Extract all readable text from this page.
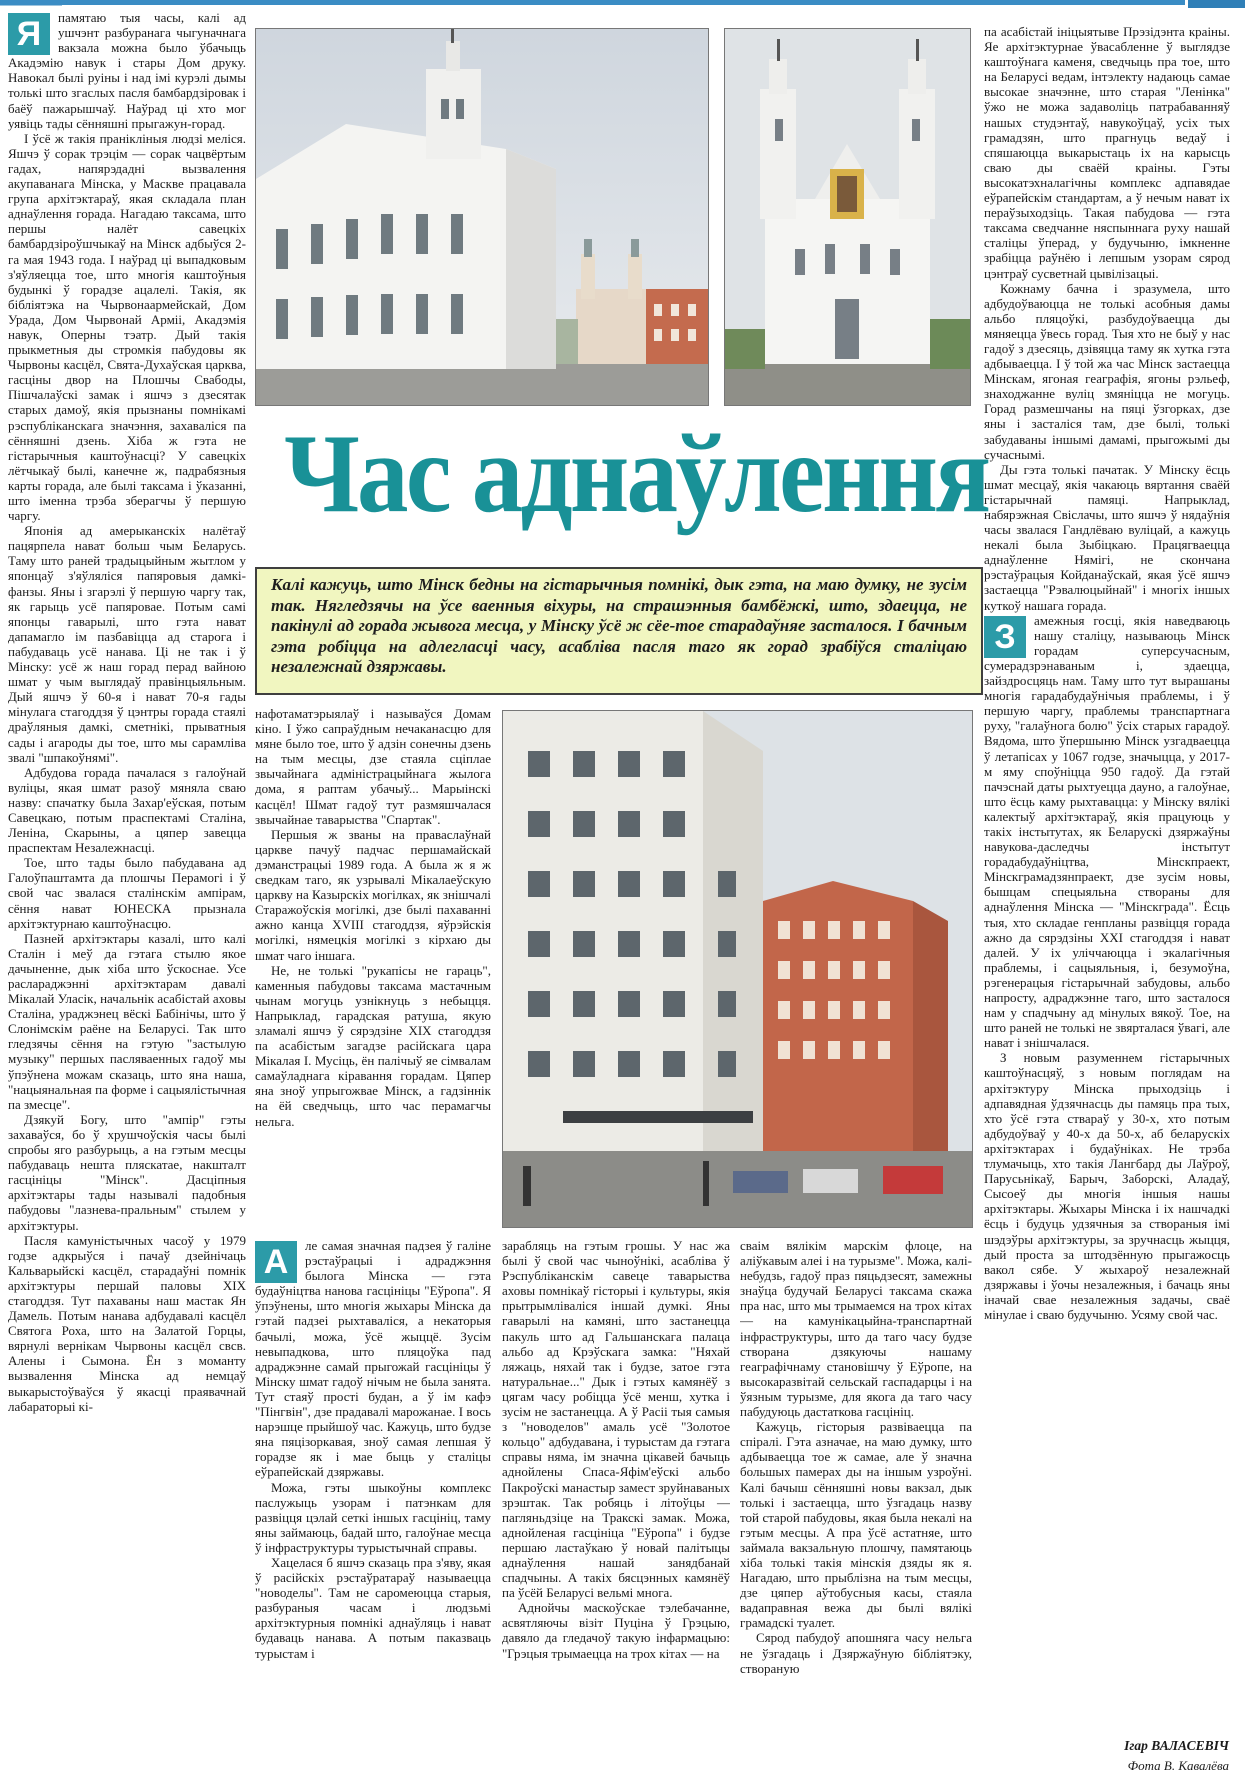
Я	памятаю тыя часы, калі ад ушчэнт разбуранага чыгуначнага вакзала можна было ўбачыць Акадэмію навук і стары Дом друку. Навокал былі руіны і над імі курэлі дымы толькі што згаслых пасля бамбардзіровак і баёў пажарышчаў. Наўрад ці хто мог уявіць тады сённяшні прыгажун-горад.

І ўсё ж такія пранікліныя людзі меліся. Яшчэ ў сорак трэцім — сорак чацвёртым гадах, напярэдадні вызвалення акупаванага Мінска, у Маскве працавала група архітэктараў, якая складала план аднаўлення горада. Нагадаю таксама, што першы налёт савецкіх бамбардзіроўшчыкаў на Мінск адбыўся 2-га мая 1943 года. І наўрад ці выпадковым з'яўляецца тое, што многія каштоўныя будынкі ў горадзе ацалелі. Такія, як бібліятэка на Чырвонаармейскай, Дом Урада, Дом Чырвонай Арміі, Акадэмія навук, Оперны тэатр. Дый такія прыкметныя ды стромкія пабудовы як Чырвоны касцёл, Свята-Духаўская царква, гасціны двор на Плошчы Свабоды, Пішчалаўскі замак і яшчэ з дзесятак старых дамоў, якія прызнаны помнікамі рэспубліканскага значэння, захаваліся па сённяшні дзень. Хіба ж гэта не гістарычныя каштоўнасці? У савецкіх лётчыкаў былі, канечне ж, падрабязныя карты горада, але былі таксама і ўказанні, што іменна трэба зберагчы ў першую чаргу.

Японія ад амерыканскіх налётаў пацярпела нават больш чым Беларусь. Таму што раней традыцыйным жытлом у японцаў з'яўляліся папяровыя дамкі-фанзы. Яны і згарэлі ў першую чаргу так, як гарыць усё папяровае. Потым самі японцы гаварылі, што гэта нават дапамагло ім пазбавіцца ад старога і пабудаваць усё нанава. Ці не так і ў Мінску: усё ж наш горад перад вайною шмат у чым выглядаў правінцыяльным. Дый яшчэ ў 60-я і нават 70-я гады мінулага стагоддзя ў цэнтры горада стаялі драўляныя дамкі, сметнікі, прыватныя сады і агароды ды тое, што мы сарамліва звалі "шпакоўнямі".

Адбудова горада пачалася з галоўнай вуліцы, якая шмат разоў мяняла сваю назву: спачатку была Захар'еўская, потым Савецкаю, потым праспектамі Сталіна, Леніна, Скарыны, а цяпер завецца праспектам Незалежнасці.

Тое, што тады было пабудавана ад Галоўпаштамта да плошчы Перамогі і ў свой час звалася сталінскім ампірам, сёння нават ЮНЕСКА прызнала архітэктурнаю каштоўнасцю.

Пазней архітэктары казалі, што калі Сталін і меў да гэтага стылю якое дачыненне, дык хіба што ўскоснае. Усе раслараджэнні архітэктарам давалі Мікалай Уласік, начальнік асабістай аховы Сталіна, ураджэнец вёскі Бабінічы, што ў Слонімскім раёне на Беларусі. Так што гледзячы сёння на гэтую "застылую музыку" першых пасляваенных гадоў мы ўпэўнена можам сказаць, што яна наша, "нацыянальная па форме і сацыялістычная па змесце".

Дзякуй Богу, што "ампір" гэты захаваўся, бо ў хрушчоўскія часы былі спробы яго разбурыць, а на гэтым месцы пабудаваць нешта пляскатае, накшталт гасцініцы "Мінск". Дасціпныя архітэктары тады называлі падобныя пабудовы "лазнева-пральным" стылем у архітэктуры.

Пасля камуністычных часоў у 1979 годзе адкрыўся і пачаў дзейнічаць Кальварыйскі касцёл, старадаўні помнік архітэктуры першай паловы XIX стагоддзя. Тут пахаваны наш мастак Ян Дамель. Потым нанава адбудавалі касцёл Святога Роха, што на Залатой Горцы, вярнулі вернікам Чырвоны касцёл свсв. Алены і Сымона. Ён з моманту вызвалення Мінска ад немцаў выкарыстоўваўся ў якасці праявачнай лабараторыі кі-

Час аднаўлення
Калі кажуць, што Мінск бедны на гістарычныя помнікі, дык гэта, на маю думку, не зусім так. Нягледзячы на ўсе ваенныя віхуры, на страшэнныя бамбёжкі, што, здаецца, не пакінулі ад горада жывога месца, у Мінску ўсё ж сёе-тое старадаўняе засталося. І бачным гэта робіцца на адлегласці часу, асабліва пасля таго як горад зрабіўся сталіцаю незалежнай дзяржавы.

нафотаматэрыялаў і называўся Домам кіно. І ўжо сапраўдным нечаканасцю для мяне было тое, што ў адзін сонечны дзень на тым месцы, дзе стаяла сціплае звычайнага адміністрацыйнага жылога дома, я раптам убачыў... Марыінскі касцёл! Шмат гадоў тут размяшчалася звычайнае таварыства "Спартак".

Першыя ж званы на праваслаўнай царкве пачуў падчас першамайскай дэманстрацыі 1989 года. А была ж я ж сведкам таго, як узрывалі Мікалаеўскую царкву на Казырскіх могілках, як знішчалі Старажоўскія могілкі, дзе былі пахаванні ажно канца XVIII стагоддзя, яўрэйскія могілкі, нямецкія могілкі з кірхаю ды шмат чаго іншага.

Не, не толькі "рукапісы не гараць", каменныя пабудовы таксама мастачным чынам могуць узнікнуць з небыцця. Напрыклад, гарадская ратуша, якую зламалі яшчэ ў сярэдзіне XIX стагоддзя па асабістым загадзе расійскага цара Мікалая І. Мусіць, ён палічыў яе сімвалам самаўладнага кіравання горадам. Цяпер яна зноў упрыгожвае Мінск, а гадзіннік на ёй сведчыць, што час перамагчы нельга.

А	ле самая значная падзея ў галіне рэстаўрацыі і адраджэння былога Мінска — гэта будаўніцтва нанова гасцініцы "Еўропа". Я ўпэўнены, што многія жыхары Мінска да гэтай падзеі рыхтаваліся, а некаторыя бачылі, можа, ўсё жыццё. Зусім невыпадкова, што пляцоўка пад адраджэнне самай прыгожай гасцініцы ў Мінску шмат гадоў нічым не была занята. Тут стаяў прості будан, а ў ім кафэ "Пінгвін", дзе прадавалі марожанае. І вось нарэшце прыйшоў час. Кажуць, што будзе яна пяцізоркавая, зноў самая лепшая ў горадзе як і мае быць у сталіцы еўрапейскай дзяржавы.

Можа, гэты шыкоўны комплекс паслужыць узорам і патэнкам для развіцця цэлай сеткі іншых гасцініц, таму яны займаюць, бадай што, галоўнае месца ў інфраструктуры турыстычнай справы.

Хацелася б яшчэ сказаць пра з'яву, якая ў расійскіх рэстаўратараў называецца "новоделы". Там не саромеюцца старыя, разбураныя часам і людзьмі архітэктурныя помнікі аднаўляць і нават будаваць нанава. А потым паказваць турыстам і

зарабляць на гэтым грошы. У нас жа былі ў свой час чыноўнікі, асабліва ў Рэспубліканскім савеце таварыства аховы помнікаў гісторыі і культуры, якія прытрымліваліся іншай думкі. Яны гаварылі на камяні, што застанецца пакуль што ад Гальшанскага палаца альбо ад Крэўскага замка: "Няхай ляжаць, няхай так і будзе, затое гэта натуральнае..." Дык і гэтых камянёў з цягам часу робіцца ўсё менш, хутка і зусім не застанецца. А ў Расіі тыя самыя з "новоделов" амаль усё "Золотое кольцо" адбудавана, і турыстам да гэтага справы няма, ім значна цікавей бачыць аднойлены Спаса-Яфім'еўскі альбо Пакроўскі манастыр замест зруйнаваных зрэштак. Так робяць і літоўцы — пагляньдзіце на Тракскі замак. Можа, аднойленая гасцініца "Еўропа" і будзе першаю ластаўкаю ў новай палітыцы аднаўлення нашай занядбанай спадчыны. А такіх бясцэнных камянёў па ўсёй Беларусі вельмі многа.

Аднойчы маскоўскае тэлебачанне, асвятляючы візіт Пуціна ў Грэцыю, давяло да гледачоў такую інфармацыю: "Грэцыя трымаецца на трох кітах — на

сваім вялікім марскім флоце, на аліўкавым алеі і на турызме". Можа, калі-небудзь, гадоў праз пяцьдзесят, замежны знаўца будучай Беларусі таксама скажа пра нас, што мы трымаемся на трох кітах — на камунікацыйна-транспартнай інфраструктуры, што да таго часу будзе створана дзякуючы нашаму геаграфічнаму становішчу ў Еўропе, на высокаразвітай сельскай гаспадарцы і на ўязным турызме, для якога да таго часу пабудуюць дастаткова гасцініц.

Кажуць, гісторыя развіваецца па спіралі. Гэта азначае, на маю думку, што адбываецца тое ж самае, але ў значна большых памерах ды на іншым узроўні. Калі бачыш сённяшні новы вакзал, дык толькі і застаецца, што ўзгадаць назву той старой пабудовы, якая была некалі на гэтым месцы. А пра ўсё астатняе, што займала вакзальную плошчу, памятаюць хіба толькі такія мінскія дзяды як я. Нагадаю, што прыблізна на тым месцы, дзе цяпер аўтобусныя касы, стаяла вадаправная вежа ды былі вялікі грамадскі туалет.

Сярод пабудоў апошняга часу нельга не ўзгадаць і Дзяржаўную бібліятэку, створаную

па асабістай ініцыятыве Прэзідэнта краіны. Яе архітэктурнае ўвасабленне ў выглядзе каштоўнага каменя, сведчыць пра тое, што на Беларусі ведам, інтэлекту надаюць самае высокае значэнне, што старая "Ленінка" ўжо не можа задаволіць патрабаванняў нашых студэнтаў, навукоўцаў, усіх тых грамадзян, што прагнуць ведаў і спяшаюцца выкарыстаць іх на карысць сваю ды сваёй краіны. Гэты высокатэхналагічны комплекс адпавядае еўрапейскім стандартам, а ў нечым нават іх пераўзыходзіць. Такая пабудова — гэта таксама сведчанне няспыннага руху нашай сталіцы ўперад, у будучыню, імкненне зрабіцца раўнёю і лепшым узорам сярод цэнтраў сусветнай цывілізацыі.

Кожнаму бачна і зразумела, што адбудоўваюцца не толькі асобныя дамы альбо пляцоўкі, разбудоўваецца ды мяняецца ўвесь горад. Тыя хто не быў у нас гадоў з дзесяць, дзівяцца таму як хутка гэта адбываецца. І ў той жа час Мінск застаецца Мінскам, ягоная геаграфія, ягоны рэльеф, знаходжанне вуліц змяніцца не могуць. Горад размешчаны на пяці ўзгорках, дзе яны і засталіся там, дзе былі, толькі забудаваны іншымі дамамі, прыгожымі ды сучаснымі.

Ды гэта толькі пачатак. У Мінску ёсць шмат месцаў, якія чакаюць вяртання сваёй гістарычнай памяці. Напрыклад, набярэжная Свіслачы, што яшчэ ў нядаўнія часы звалася Гандлёваю вуліцай, а кажуць некалі была Зыбіцкаю. Працягваецца аднаўленне Нямігі, не скончана рэстаўрацыя Койданаўскай, якая ўсё яшчэ застаецца "Рэвалюцыйнай" і многіх іншых куткоў нашага горада.

З	амежныя госці, якія наведваюць нашу сталіцу, называюць Мінск горадам суперсучасным, сумерадзрэнаваным і, здаецца, зайздросцяць нам. Таму што тут вырашаны многія гарадабудаўнічыя праблемы, і ў першую чаргу, праблемы транспартнага руху, "галаўнога болю" ўсіх старых гарадоў. Вядома, што ўпершыню Мінск узгадваецца ў летапісах у 1067 годзе, значыцца, у 2017-м яму споўніцца 950 гадоў. Да гэтай пачэснай даты рыхтуецца дауно, а галоўнае, што ёсць каму рыхтавацца: у Мінску вялікі калектыў архітэктараў, якія працуюць у такіх інстытутах, як Беларускі дзяржаўны навукова-даследчы інстытут горадабудаўніцтва, Мінскпраект, Мінскграмадзянпраект, дзе зусім новы, бышцам спецыяльна створаны для аднаўлення Мінска — "Мінскграда". Ёсць тыя, хто складае генпланы развіцця горада ажно да сярэдзіны XXI стагоддзя і нават далей. У іх уліччаюцца і экалагічныя праблемы, і сацыяльныя, і, безумоўна, рэгенерацыя гістарычнай забудовы, альбо напросту, адраджэнне таго, што засталося нам у спадчыну ад мінулых вякоў. Тое, на што раней не толькі не звярталася ўвагі, але нават і знішчалася.

З новым разуменнем гістарычных каштоўнасцяў, з новым поглядам на архітэктуру Мінска прыходзіць і адпавядная ўдзячнасць ды памяць пра тых, хто ўсё гэта ствараў у 30-х, хто потым адбудоўваў у 40-х да 50-х, аб беларускіх архітэктарах і будаўніках. Не трэба тлумачыць, хто такія Лангбард ды Лаўроў, Парусьнікаў, Барыч, Заборскі, Аладаў, Сысоеў ды многія іншыя нашы архітэктары. Жыхары Мінска і іх нашчадкі ёсць і будуць удзячныя за створаныя імі шэдэўры архітэктуры, за зручнасць жыцця, дый проста за штодзённую прыгажосць вакол сябе. У жыхароў незалежнай дзяржавы і ўочы незалежныя, і бачаць яны іначай свае незалежныя задачы, сваё мінулае і сваю будучыню. Усяму свой час.

Ігар ВАЛАСЕВІЧ
Фота В. Кавалёва
